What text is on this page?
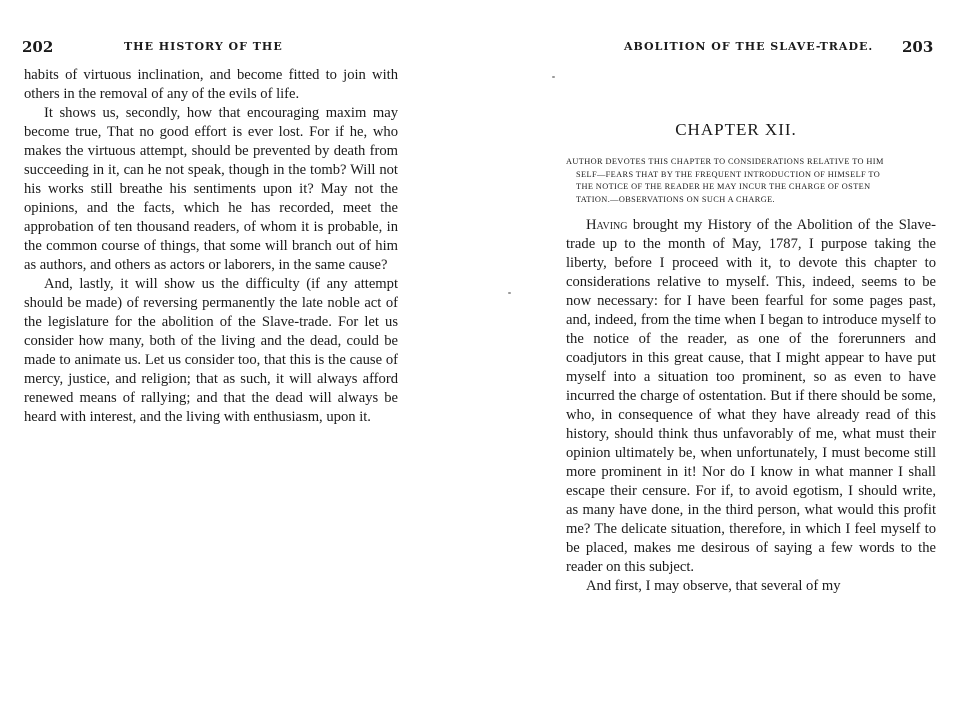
202	THE HISTORY OF THE

habits of virtuous inclination, and become fitted to join with others in the removal of any of the evils of life.

It shows us, secondly, how that encouraging maxim may become true, That no good effort is ever lost. For if he, who makes the virtuous attempt, should be prevented by death from succeeding in it, can he not speak, though in the tomb? Will not his works still breathe his sentiments upon it? May not the opinions, and the facts, which he has recorded, meet the approbation of ten thousand readers, of whom it is probable, in the common course of things, that some will branch out of him as authors, and others as actors or laborers, in the same cause?

And, lastly, it will show us the difficulty (if any attempt should be made) of reversing permanently the late noble act of the legislature for the abolition of the Slave-trade. For let us consider how many, both of the living and the dead, could be made to animate us. Let us consider too, that this is the cause of mercy, justice, and religion; that as such, it will always afford renewed means of rallying; and that the dead will always be heard with interest, and the living with enthusiasm, upon it.

ABOLITION OF THE SLAVE-TRADE. 203
CHAPTER XII.
AUTHOR DEVOTES THIS CHAPTER TO CONSIDERATIONS RELATIVE TO HIM
SELF—FEARS THAT BY THE FREQUENT INTRODUCTION OF HIMSELF TO
THE NOTICE OF THE READER HE MAY INCUR THE CHARGE OF OSTEN
TATION.—OBSERVATIONS ON SUCH A CHARGE.

Having brought my History of the Abolition of the Slave-trade up to the month of May, 1787, I purpose taking the liberty, before I proceed with it, to devote this chapter to considerations relative to myself. This, indeed, seems to be now necessary: for I have been fearful for some pages past, and, indeed, from the time when I began to introduce myself to the notice of the reader, as one of the forerunners and coadjutors in this great cause, that I might appear to have put myself into a situation too prominent, so as even to have incurred the charge of ostentation. But if there should be some, who, in consequence of what they have already read of this history, should think thus unfavorably of me, what must their opinion ultimately be, when unfortunately, I must become still more prominent in it! Nor do I know in what manner I shall escape their censure. For if, to avoid egotism, I should write, as many have done, in the third person, what would this profit me? The delicate situation, therefore, in which I feel myself to be placed, makes me desirous of saying a few words to the reader on this subject.

And first, I may observe, that several of my
